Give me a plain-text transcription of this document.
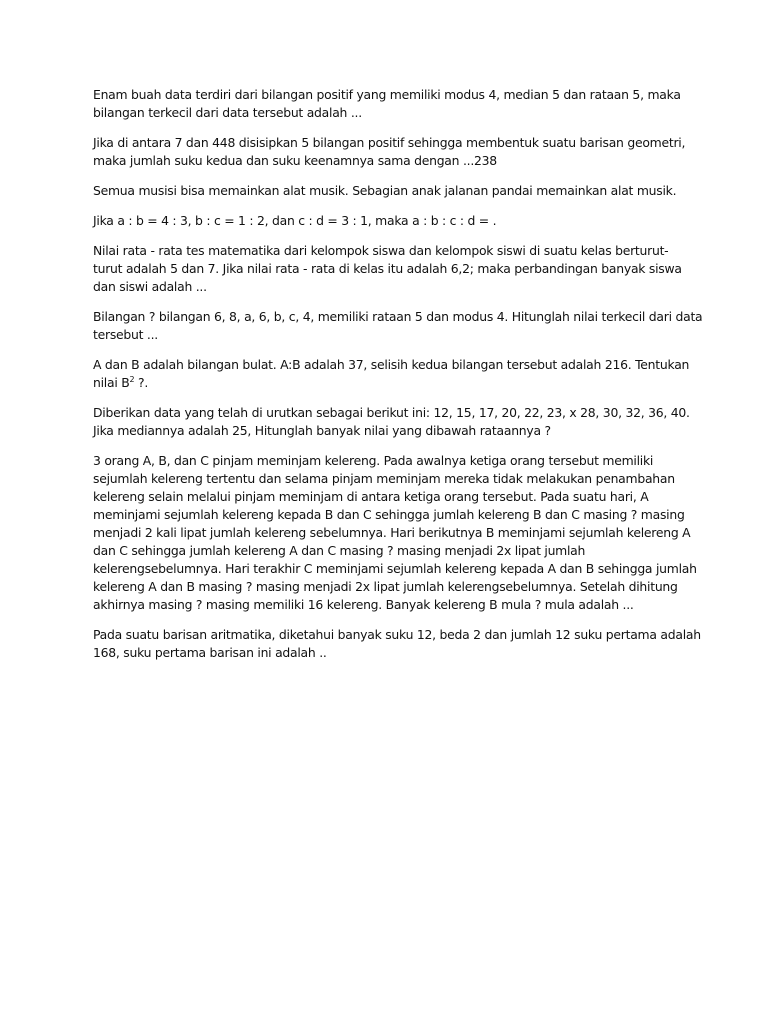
Enam buah data terdiri dari bilangan positif yang memiliki modus 4, median 5 dan rataan 5, maka
bilangan terkecil dari data tersebut adalah ...

Jika di antara 7 dan 448 disisipkan 5 bilangan positif sehingga membentuk suatu barisan geometri,
maka jumlah suku kedua dan suku keenamnya sama dengan ...238

Semua musisi bisa memainkan alat musik. Sebagian anak jalanan pandai memainkan alat musik.

Jika a : b = 4 : 3, b : c = 1 : 2, dan c : d = 3 : 1, maka a : b : c : d = .

Nilai rata - rata tes matematika dari kelompok siswa dan kelompok siswi di suatu kelas berturut-
turut adalah 5 dan 7. Jika nilai rata - rata di kelas itu adalah 6,2; maka perbandingan banyak siswa
dan siswi adalah ...

Bilangan ? bilangan 6, 8, a, 6, b, c, 4, memiliki rataan 5 dan modus 4. Hitunglah nilai terkecil dari data
tersebut ...

A dan B adalah bilangan bulat. A:B adalah 37, selisih kedua bilangan tersebut adalah 216. Tentukan
nilai $B^2$ ?.

Diberikan data yang telah di urutkan sebagai berikut ini: 12, 15, 17, 20, 22, 23, x 28, 30, 32, 36, 40.
Jika mediannya adalah 25, Hitunglah banyak nilai yang dibawah rataannya ?

3 orang A, B, dan C pinjam meminjam kelereng. Pada awalnya ketiga orang tersebut memiliki
sejumlah kelereng tertentu dan selama pinjam meminjam mereka tidak melakukan penambahan
kelereng selain melalui pinjam meminjam di antara ketiga orang tersebut. Pada suatu hari, A
meminjami sejumlah kelereng kepada B dan C sehingga jumlah kelereng B dan C masing ? masing
menjadi 2 kali lipat jumlah kelereng sebelumnya. Hari berikutnya B meminjami sejumlah kelereng A
dan C sehingga jumlah kelereng A dan C masing ? masing menjadi 2x lipat jumlah
kelerengsebelumnya. Hari terakhir C meminjami sejumlah kelereng kepada A dan B sehingga jumlah
kelereng A dan B masing ? masing menjadi 2x lipat jumlah kelerengsebelumnya. Setelah dihitung
akhirnya masing ? masing memiliki 16 kelereng. Banyak kelereng B mula ? mula adalah ...

Pada suatu barisan aritmatika, diketahui banyak suku 12, beda 2 dan jumlah 12 suku pertama adalah
168, suku pertama barisan ini adalah ..
